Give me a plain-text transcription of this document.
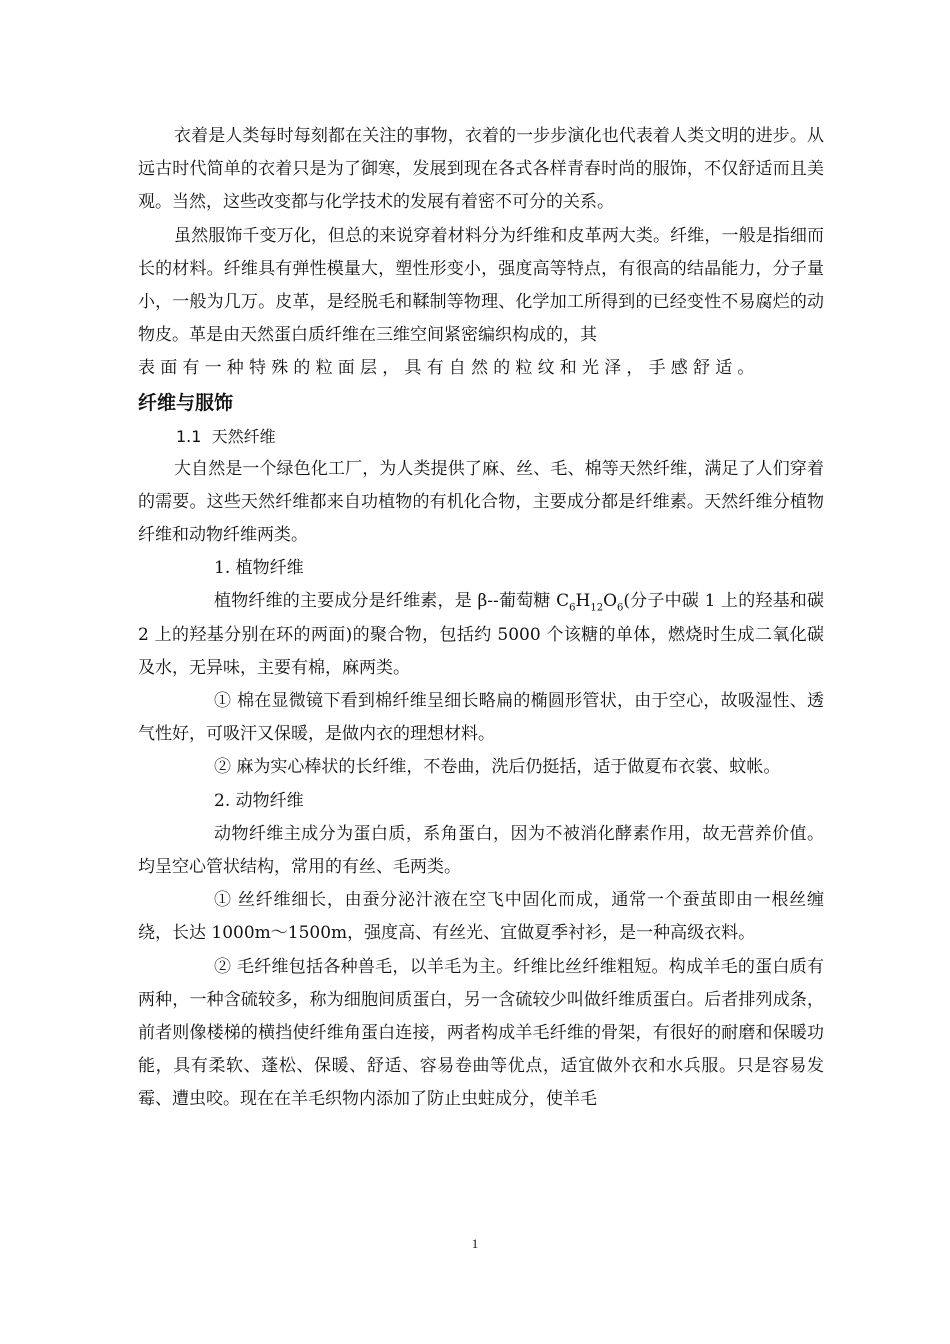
衣着是人类每时每刻都在关注的事物，衣着的一步步演化也代表着人类文明的进步。从远古时代简单的衣着只是为了御寒，发展到现在各式各样青春时尚的服饰，不仅舒适而且美观。当然，这些改变都与化学技术的发展有着密不可分的关系。

虽然服饰千变万化，但总的来说穿着材料分为纤维和皮革两大类。纤维，一般是指细而长的材料。纤维具有弹性模量大，塑性形变小，强度高等特点，有很高的结晶能力，分子量小，一般为几万。皮革，是经脱毛和鞣制等物理、化学加工所得到的已经变性不易腐烂的动物皮。革是由天然蛋白质纤维在三维空间紧密编织构成的，其

表面有一种特殊的粒面层，具有自然的粒纹和光泽，手感舒适。

纤维与服饰
1.1 天然纤维

大自然是一个绿色化工厂，为人类提供了麻、丝、毛、棉等天然纤维，满足了人们穿着的需要。这些天然纤维都来自功植物的有机化合物，主要成分都是纤维素。天然纤维分植物纤维和动物纤维两类。

1. 植物纤维

植物纤维的主要成分是纤维素，是 β--葡萄糖 $C_6H_{12}O_6$(分子中碳 1 上的羟基和碳 2 上的羟基分别在环的两面)的聚合物，包括约 5000 个该糖的单体，燃烧时生成二氧化碳及水，无异味，主要有棉，麻两类。

① 棉在显微镜下看到棉纤维呈细长略扁的椭圆形管状，由于空心，故吸湿性、透气性好，可吸汗又保暖，是做内衣的理想材料。

② 麻为实心棒状的长纤维，不卷曲，洗后仍挺括，适于做夏布衣裳、蚊帐。

2. 动物纤维

动物纤维主成分为蛋白质，系角蛋白，因为不被消化酵素作用，故无营养价值。均呈空心管状结构，常用的有丝、毛两类。

① 丝纤维细长，由蚕分泌汁液在空飞中固化而成，通常一个蚕茧即由一根丝缠绕，长达 1000m～1500m，强度高、有丝光、宜做夏季衬衫，是一种高级衣料。

② 毛纤维包括各种兽毛，以羊毛为主。纤维比丝纤维粗短。构成羊毛的蛋白质有两种，一种含硫较多，称为细胞间质蛋白，另一含硫较少叫做纤维质蛋白。后者排列成条，前者则像楼梯的横挡使纤维角蛋白连接，两者构成羊毛纤维的骨架，有很好的耐磨和保暖功能，具有柔软、蓬松、保暖、舒适、容易卷曲等优点，适宜做外衣和水兵服。只是容易发霉、遭虫咬。现在在羊毛织物内添加了防止虫蛀成分，使羊毛

1
